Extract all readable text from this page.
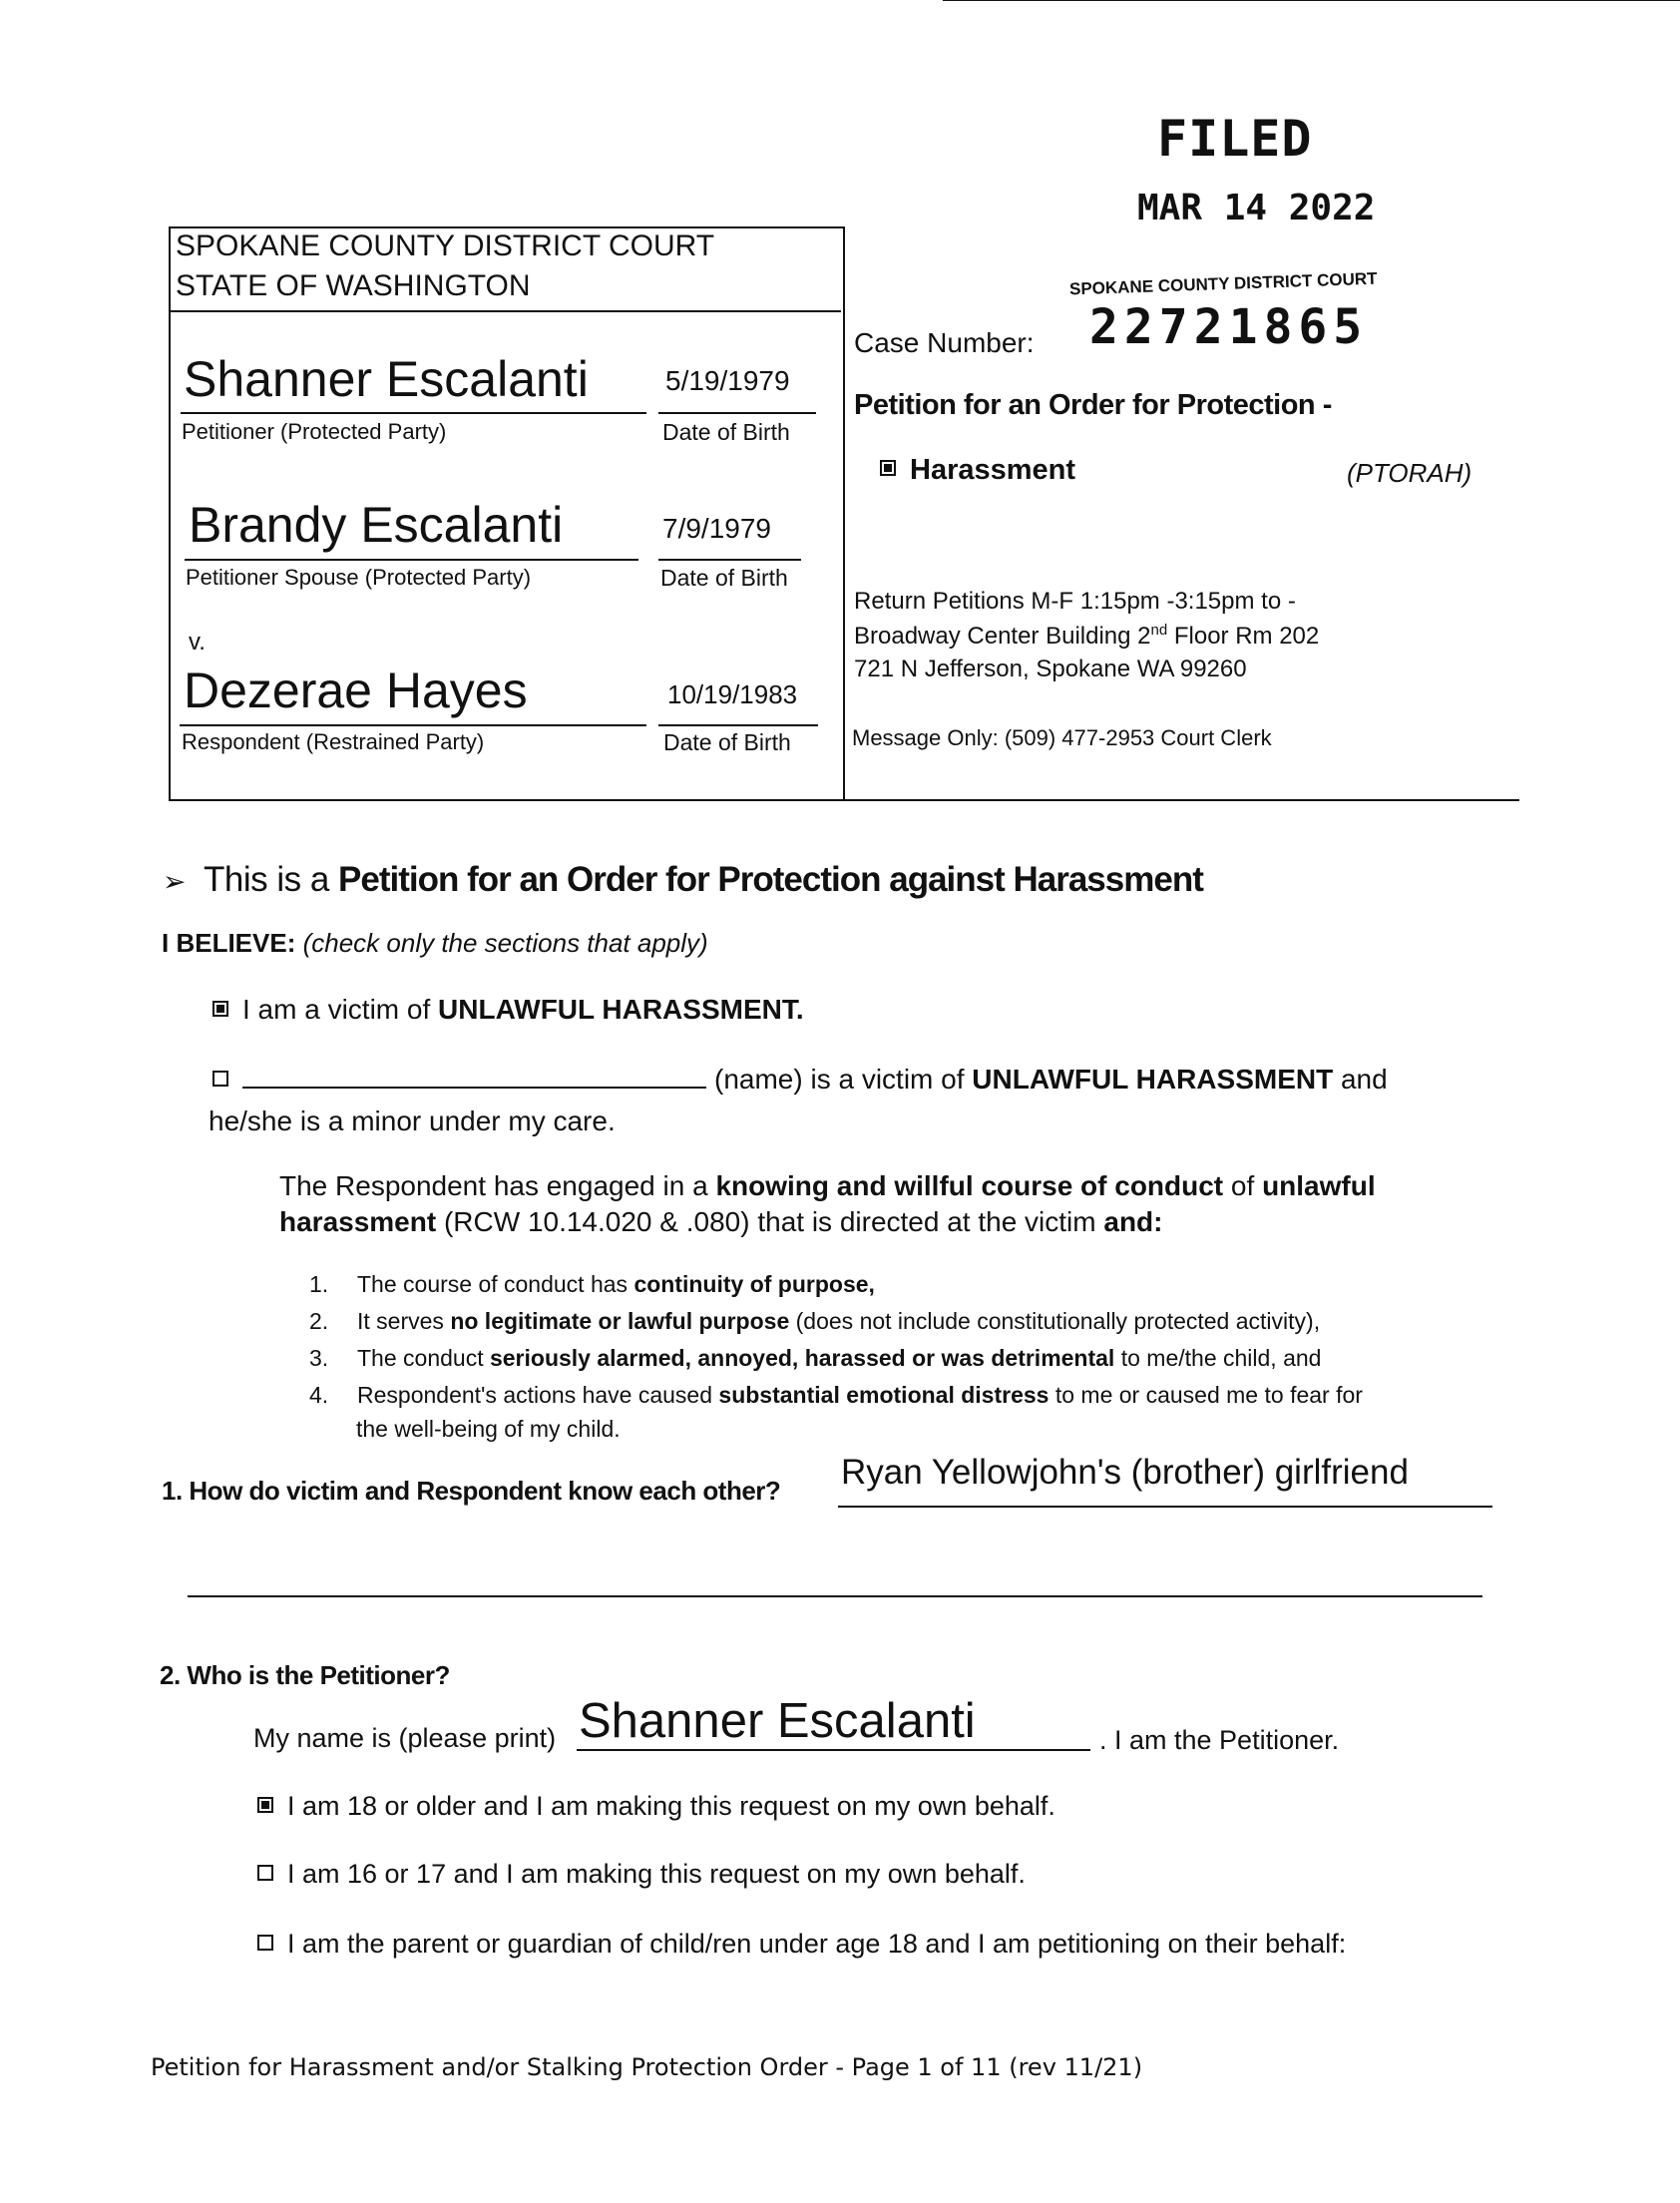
FILED
MAR 14 2022
SPOKANE COUNTY DISTRICT COURT
SPOKANE COUNTY DISTRICT COURT
STATE OF WASHINGTON
Shanner Escalanti	5/19/1979
Petitioner (Protected Party)	Date of Birth
Brandy Escalanti	7/9/1979
Petitioner Spouse (Protected Party)	Date of Birth
v.
Dezerae Hayes	10/19/1983
Respondent (Restrained Party)	Date of Birth
Case Number: 22721865
Petition for an Order for Protection -
Harassment	(PTORAH)
Return Petitions M-F 1:15pm -3:15pm to -
Broadway Center Building 2nd Floor Rm 202
721 N Jefferson, Spokane WA 99260
Message Only: (509) 477-2953 Court Clerk
➢ This is a Petition for an Order for Protection against Harassment
I BELIEVE: (check only the sections that apply)
I am a victim of UNLAWFUL HARASSMENT.
(name) is a victim of UNLAWFUL HARASSMENT and
he/she is a minor under my care.
The Respondent has engaged in a knowing and willful course of conduct of unlawful
harassment (RCW 10.14.020 & .080) that is directed at the victim and:
1. The course of conduct has continuity of purpose,
2. It serves no legitimate or lawful purpose (does not include constitutionally protected activity),
3. The conduct seriously alarmed, annoyed, harassed or was detrimental to me/the child, and
4. Respondent's actions have caused substantial emotional distress to me or caused me to fear for
the well-being of my child.
1. How do victim and Respondent know each other? Ryan Yellowjohn's (brother) girlfriend
2. Who is the Petitioner?
My name is (please print) Shanner Escalanti	. I am the Petitioner.
I am 18 or older and I am making this request on my own behalf.
I am 16 or 17 and I am making this request on my own behalf.
I am the parent or guardian of child/ren under age 18 and I am petitioning on their behalf:
Petition for Harassment and/or Stalking Protection Order - Page 1 of 11 (rev 11/21)
